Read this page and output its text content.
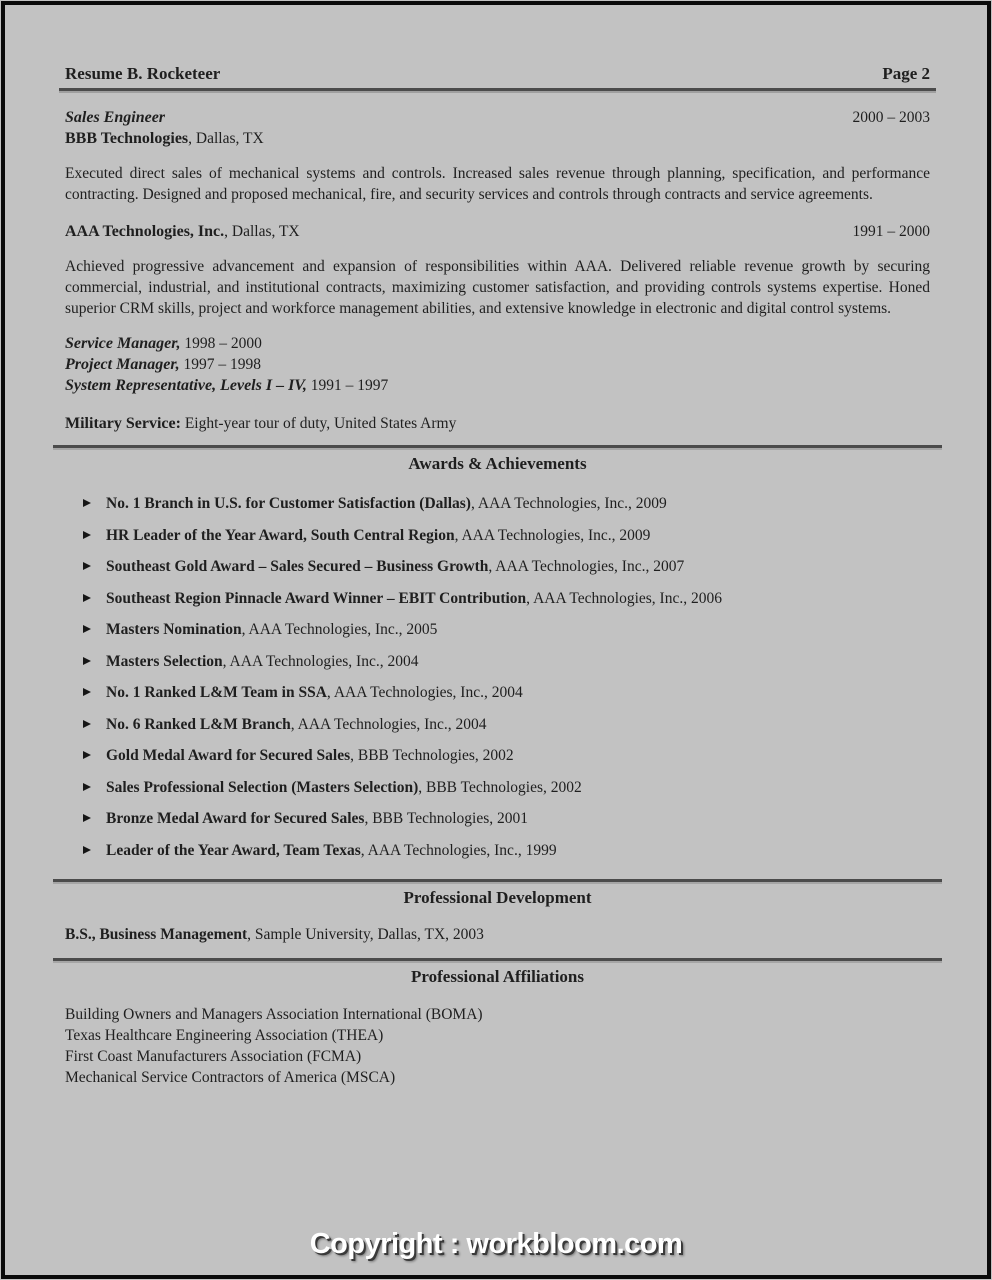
Resume B. Rocketeer	Page 2
Sales Engineer	2000 – 2003
BBB Technologies, Dallas, TX

Executed direct sales of mechanical systems and controls. Increased sales revenue through planning, specification, and performance contracting. Designed and proposed mechanical, fire, and security services and controls through contracts and service agreements.

AAA Technologies, Inc., Dallas, TX	1991 – 2000

Achieved progressive advancement and expansion of responsibilities within AAA. Delivered reliable revenue growth by securing commercial, industrial, and institutional contracts, maximizing customer satisfaction, and providing controls systems expertise. Honed superior CRM skills, project and workforce management abilities, and extensive knowledge in electronic and digital control systems.

Service Manager, 1998 – 2000
Project Manager, 1997 – 1998
System Representative, Levels I – IV, 1991 – 1997

Military Service: Eight-year tour of duty, United States Army

Awards & Achievements
No. 1 Branch in U.S. for Customer Satisfaction (Dallas), AAA Technologies, Inc., 2009
HR Leader of the Year Award, South Central Region, AAA Technologies, Inc., 2009
Southeast Gold Award – Sales Secured – Business Growth, AAA Technologies, Inc., 2007
Southeast Region Pinnacle Award Winner – EBIT Contribution, AAA Technologies, Inc., 2006
Masters Nomination, AAA Technologies, Inc., 2005
Masters Selection, AAA Technologies, Inc., 2004
No. 1 Ranked L&M Team in SSA, AAA Technologies, Inc., 2004
No. 6 Ranked L&M Branch, AAA Technologies, Inc., 2004
Gold Medal Award for Secured Sales, BBB Technologies, 2002
Sales Professional Selection (Masters Selection), BBB Technologies, 2002
Bronze Medal Award for Secured Sales, BBB Technologies, 2001
Leader of the Year Award, Team Texas, AAA Technologies, Inc., 1999
Professional Development

B.S., Business Management, Sample University, Dallas, TX, 2003

Professional Affiliations
Building Owners and Managers Association International (BOMA)
Texas Healthcare Engineering Association (THEA)
First Coast Manufacturers Association (FCMA)
Mechanical Service Contractors of America (MSCA)
Copyright : workbloom.com
